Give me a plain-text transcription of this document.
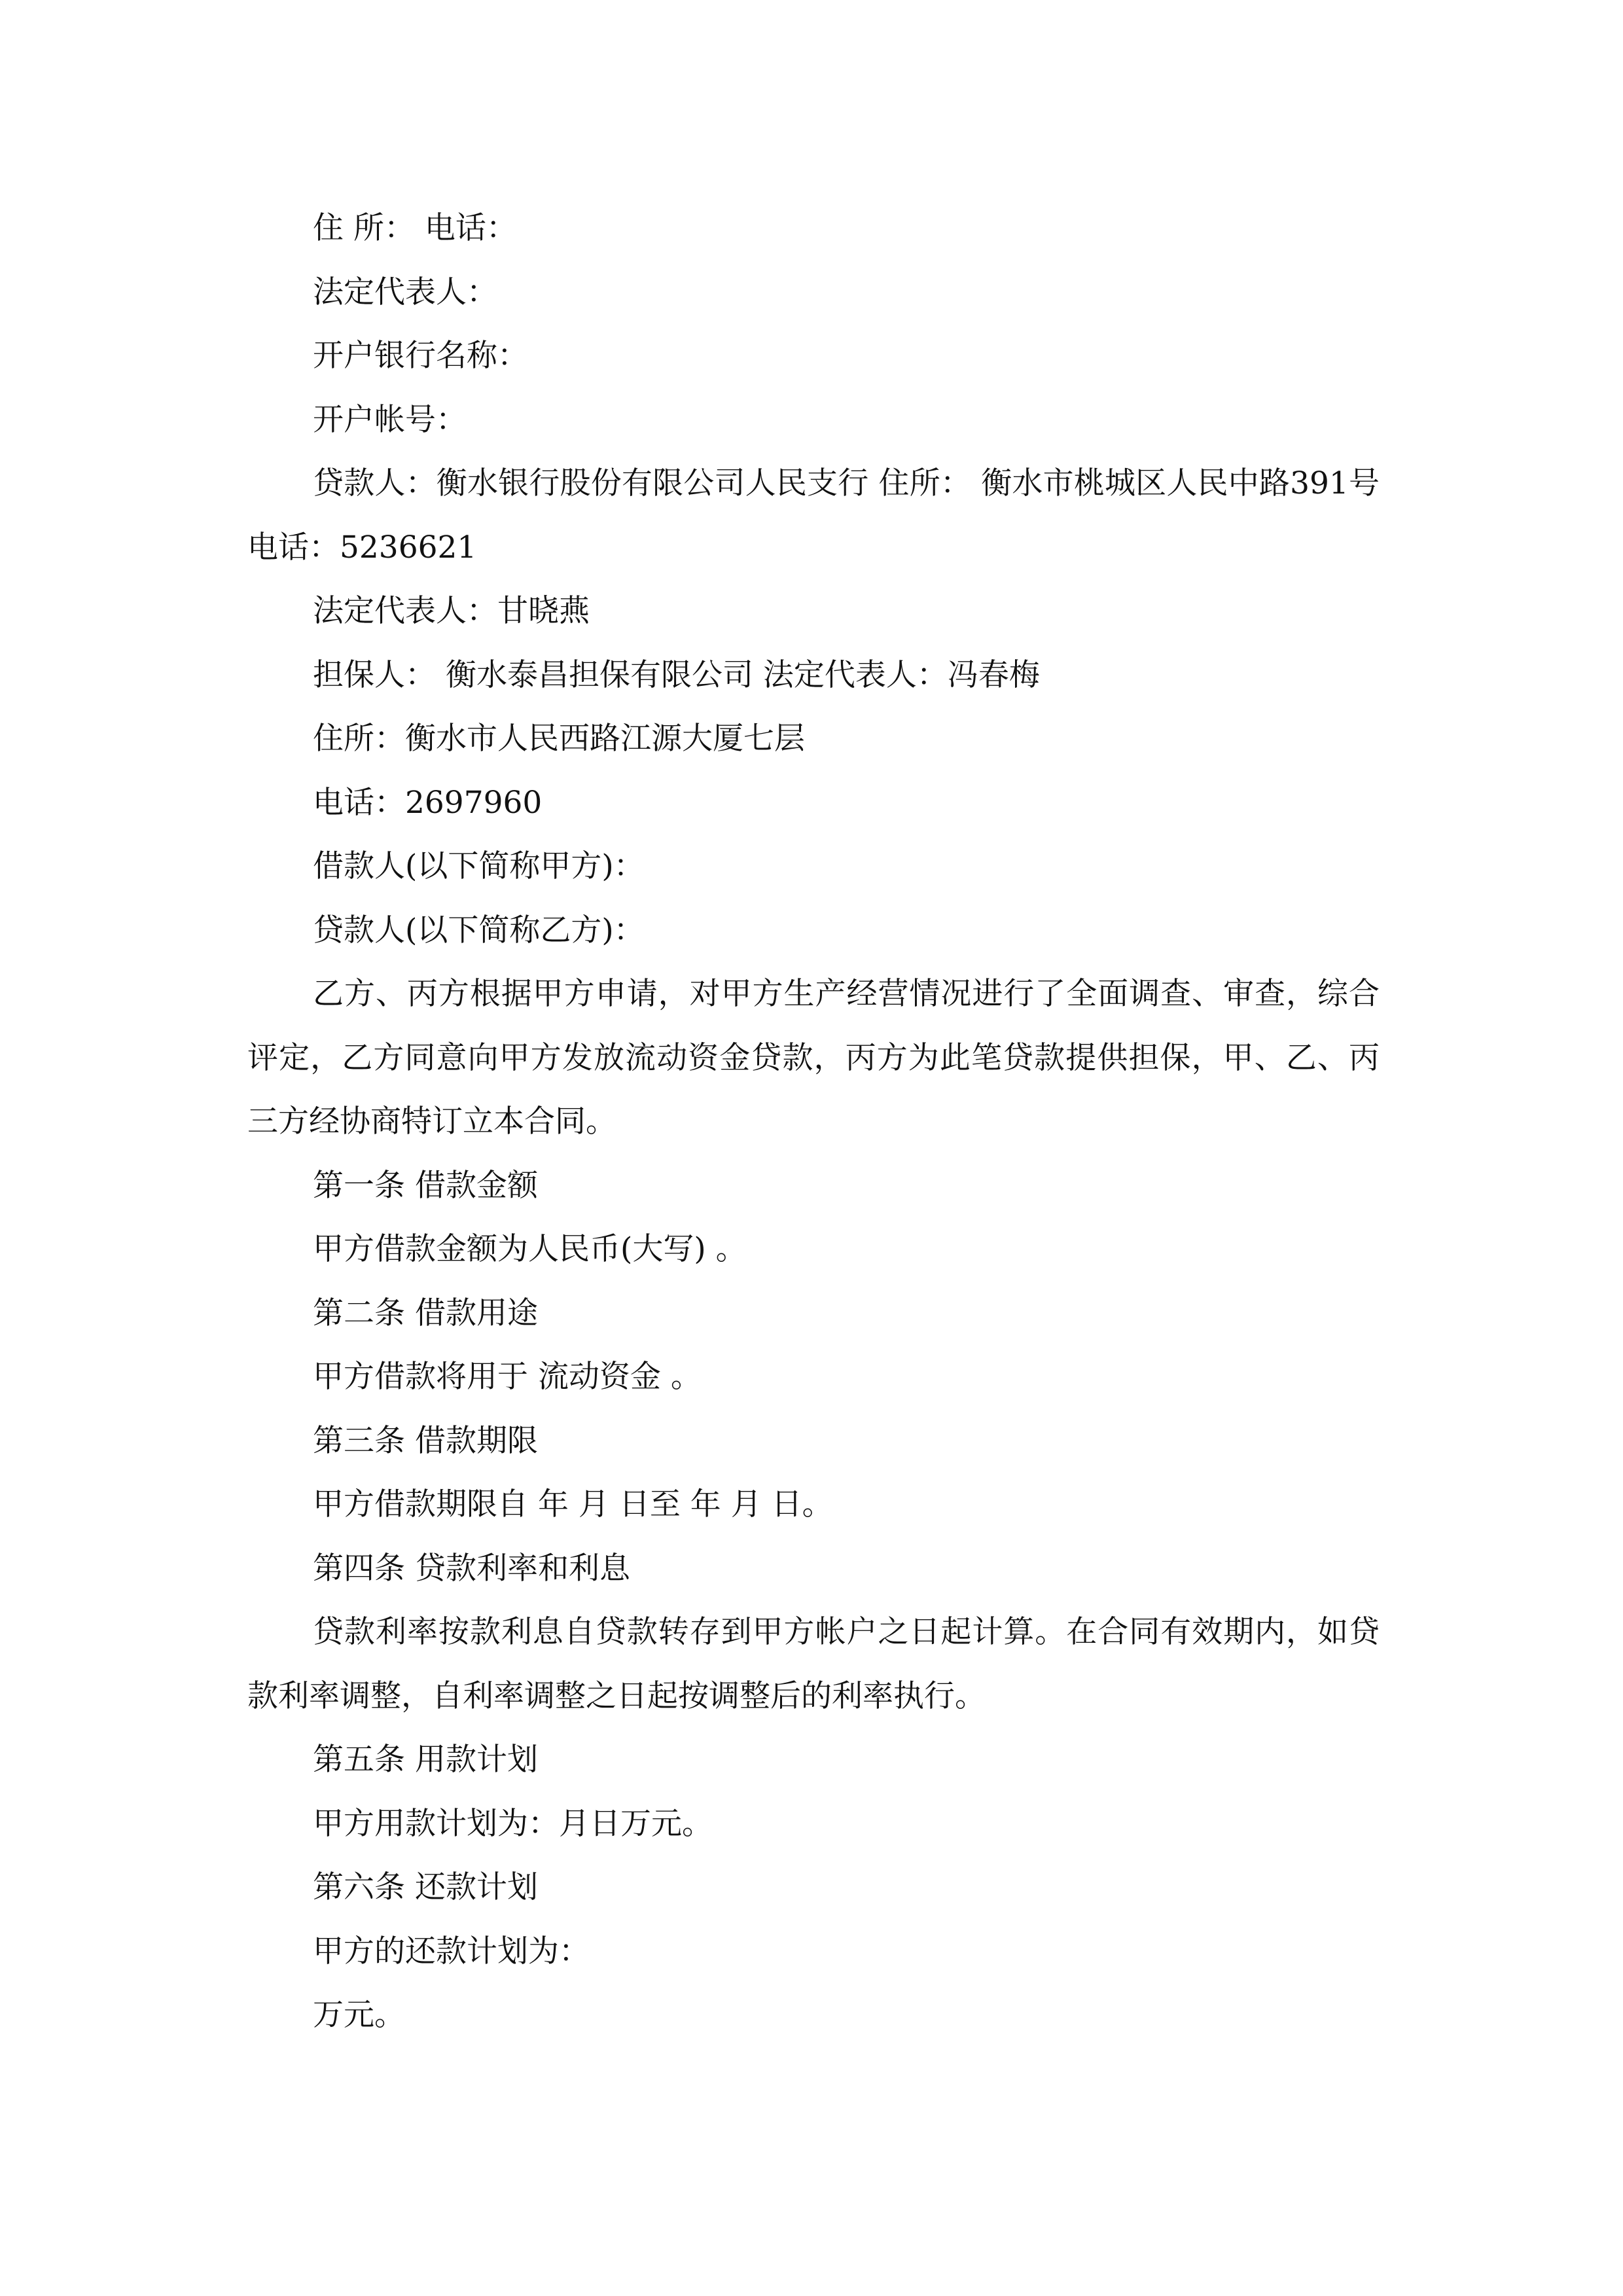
住 所： 电话：
法定代表人：
开户银行名称：
开户帐号：
贷款人：衡水银行股份有限公司人民支行 住所： 衡水市桃城区人民中路391号 电话：5236621
法定代表人：甘晓燕
担保人： 衡水泰昌担保有限公司 法定代表人：冯春梅
住所：衡水市人民西路江源大厦七层
电话：2697960
借款人(以下简称甲方)：
贷款人(以下简称乙方)：
乙方、丙方根据甲方申请，对甲方生产经营情况进行了全面调查、审查，综合评定，乙方同意向甲方发放流动资金贷款，丙方为此笔贷款提供担保，甲、乙、丙三方经协商特订立本合同。
第一条 借款金额
甲方借款金额为人民币(大写) 。
第二条 借款用途
甲方借款将用于 流动资金 。
第三条 借款期限
甲方借款期限自 年 月 日至 年 月 日。
第四条 贷款利率和利息
贷款利率按款利息自贷款转存到甲方帐户之日起计算。在合同有效期内，如贷款利率调整，自利率调整之日起按调整后的利率执行。
第五条 用款计划
甲方用款计划为：月日万元。
第六条 还款计划
甲方的还款计划为：
万元。
